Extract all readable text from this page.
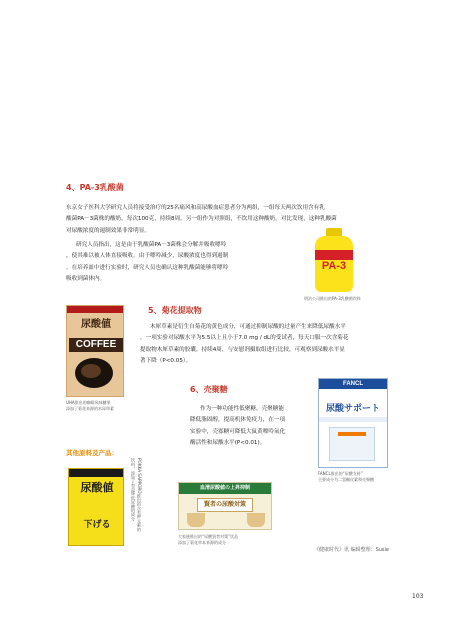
4、PA-3乳酸菌
东京女子医科大学研究人员将接受治疗的25名痛风和高尿酸血症患者分为两组，一组每天两次饮用含有乳
酸菌PA－3菌株的酸奶，每次100克，持续8周。另一组作为对照组，不饮用这种酸奶。对比发现，这种乳酸菌
对尿酸浓度的遏制效果非常明显。
研究人员指出，这是由于乳酸菌PA－3菌株会分解并吸收嘌呤
，使其难以被人体直接吸收。由于嘌呤减少，尿酸浓度也得到遏制
。在培养皿中进行实验时，研究人员也确认这种乳酸菌能够将嘌呤
吸收到菌体内。
PA-3
明治公司推出的PA-3乳酸菌饮料
尿酸値
COFFEE
UHA推出的咖啡风味糖果
添加了菊花来源的木犀草素
5、菊花提取物
木犀草素是衍生自菊花的黄色成分，可通过抑制尿酸的过量产生来降低尿酸水平
。一项实验对尿酸水平为5.5以上且小于7.0 mg / dL的受试者，每天口服一次含菊花
提取物木犀草素的胶囊，持续4周，与安慰剂摄取组进行比较，可观察到尿酸水平显
著下降（P<0.05）。
6、壳聚糖
作为一种功能性低聚糖，壳聚糖能
降低脂固醇，提高机体免疫力，在一项
实验中，壳寡糖可降低大鼠黄嘌呤氧化
酶活性和尿酸水平(P<0.01)。
FANCL
尿酸サポート
FANCL推出的“尿酸支持”
主要成分为二氢槲皮素和壳聚糖
其他原料及产品：
尿酸値
下げる	POKKA SAPPORO推出的含有钾元素的
饮料，添加了有益降低尿酸的成分	血清尿酸値の上昇抑制
賢者の尿酸対策
大家族推出的“尿酸贤者对策”饮品
添加了菊花草本来源的成分
《健康时代》讯 编辑整理：Susie
103
